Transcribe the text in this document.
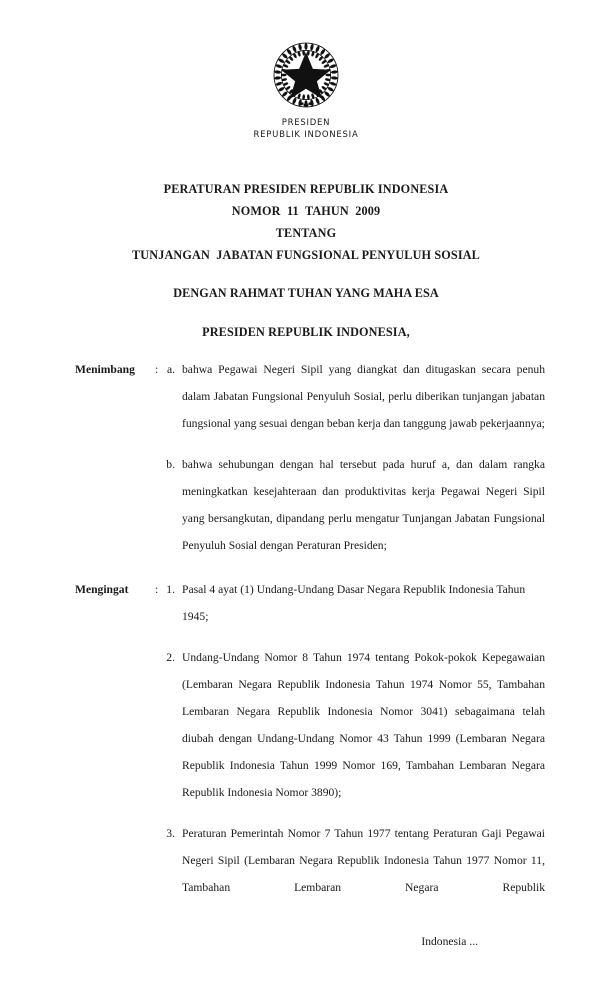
PRESIDEN
REPUBLIK INDONESIA
PERATURAN PRESIDEN REPUBLIK INDONESIA
NOMOR  11  TAHUN  2009
TENTANG
TUNJANGAN  JABATAN FUNGSIONAL PENYULUH SOSIAL
DENGAN RAHMAT TUHAN YANG MAHA ESA
PRESIDEN REPUBLIK INDONESIA,
Menimbang	: a. bahwa Pegawai Negeri Sipil yang diangkat dan ditugaskan secara penuh dalam Jabatan Fungsional Penyuluh Sosial, perlu diberikan tunjangan jabatan fungsional yang sesuai dengan beban kerja dan tanggung jawab pekerjaannya;
b. bahwa sehubungan dengan hal tersebut pada huruf a, dan dalam rangka meningkatkan kesejahteraan dan produktivitas kerja Pegawai Negeri Sipil yang bersangkutan, dipandang perlu mengatur Tunjangan Jabatan Fungsional Penyuluh Sosial dengan Peraturan Presiden;
Mengingat	: 1. Pasal 4 ayat (1) Undang-Undang Dasar Negara Republik Indonesia Tahun 1945;
2. Undang-Undang Nomor 8 Tahun 1974 tentang Pokok-pokok Kepegawaian (Lembaran Negara Republik Indonesia Tahun 1974 Nomor 55, Tambahan Lembaran Negara Republik Indonesia Nomor 3041) sebagaimana telah diubah dengan Undang-Undang Nomor 43 Tahun 1999 (Lembaran Negara Republik Indonesia Tahun 1999 Nomor 169, Tambahan Lembaran Negara Republik Indonesia Nomor 3890);
3. Peraturan Pemerintah Nomor 7 Tahun 1977 tentang Peraturan Gaji Pegawai Negeri Sipil (Lembaran Negara Republik Indonesia Tahun 1977 Nomor 11, Tambahan Lembaran Negara Republik
Indonesia ...
